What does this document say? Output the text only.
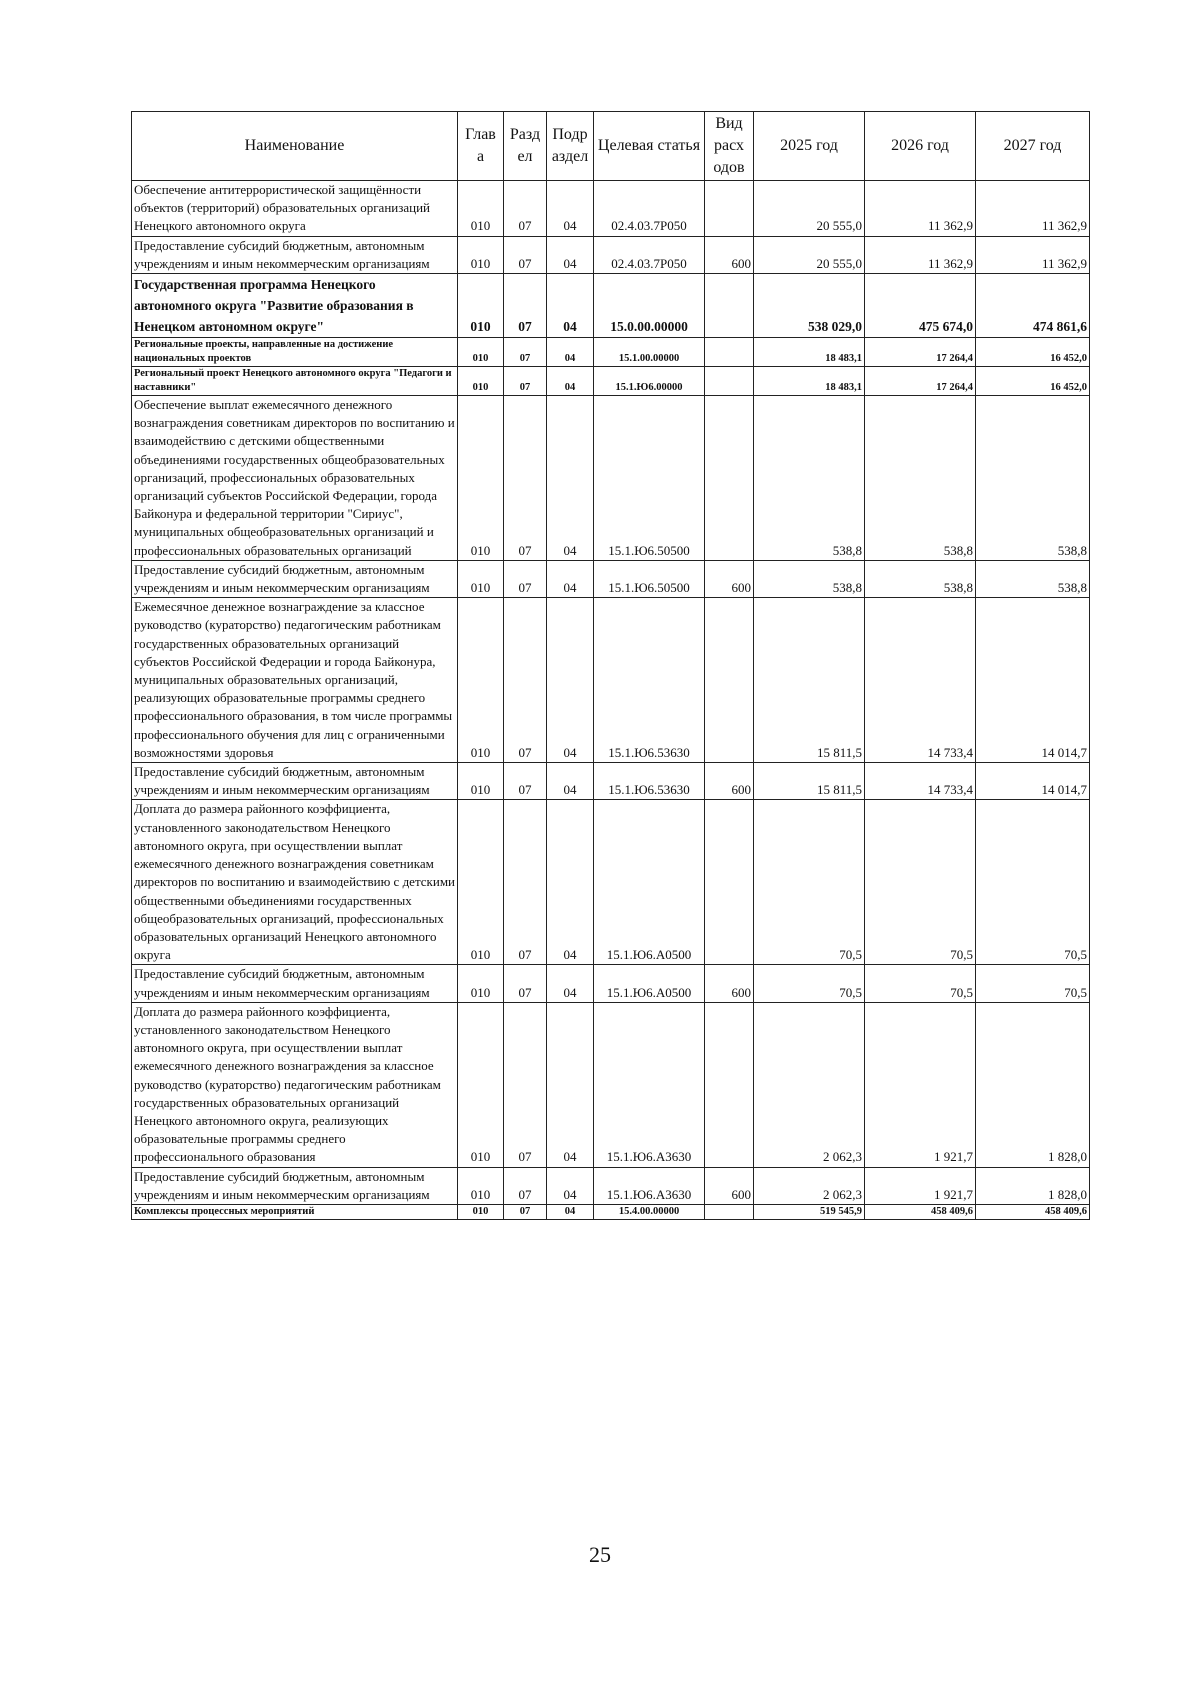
Наименование	Глав а	Разд ел	Подр аздел	Целевая статья	Вид расх одов	2025 год	2026 год	2027 год
Обеспечение антитеррористической защищённости объектов (территорий) образовательных организаций Ненецкого автономного округа	010	07	04	02.4.03.7Р050		20 555,0	11 362,9	11 362,9
Предоставление субсидий бюджетным, автономным учреждениям и иным некоммерческим организациям	010	07	04	02.4.03.7Р050	600	20 555,0	11 362,9	11 362,9
Государственная программа Ненецкого автономного округа "Развитие образования в Ненецком автономном округе"	010	07	04	15.0.00.00000		538 029,0	475 674,0	474 861,6
Региональные проекты, направленные на достижение национальных проектов	010	07	04	15.1.00.00000		18 483,1	17 264,4	16 452,0
Региональный проект Ненецкого автономного округа "Педагоги и наставники"	010	07	04	15.1.Ю6.00000		18 483,1	17 264,4	16 452,0
Обеспечение выплат ежемесячного денежного вознаграждения советникам директоров по воспитанию и взаимодействию с детскими общественными объединениями государственных общеобразовательных организаций, профессиональных образовательных организаций субъектов Российской Федерации, города Байконура и федеральной территории "Сириус", муниципальных общеобразовательных организаций и профессиональных образовательных организаций	010	07	04	15.1.Ю6.50500		538,8	538,8	538,8
Предоставление субсидий бюджетным, автономным учреждениям и иным некоммерческим организациям	010	07	04	15.1.Ю6.50500	600	538,8	538,8	538,8
Ежемесячное денежное вознаграждение за классное руководство (кураторство) педагогическим работникам государственных образовательных организаций субъектов Российской Федерации и города Байконура, муниципальных образовательных организаций, реализующих образовательные программы среднего профессионального образования, в том числе программы профессионального обучения для лиц с ограниченными возможностями здоровья	010	07	04	15.1.Ю6.53630		15 811,5	14 733,4	14 014,7
Предоставление субсидий бюджетным, автономным учреждениям и иным некоммерческим организациям	010	07	04	15.1.Ю6.53630	600	15 811,5	14 733,4	14 014,7
Доплата до размера районного коэффициента, установленного законодательством Ненецкого автономного округа, при осуществлении выплат ежемесячного денежного вознаграждения советникам директоров по воспитанию и взаимодействию с детскими общественными объединениями государственных общеобразовательных организаций, профессиональных образовательных организаций Ненецкого автономного округа	010	07	04	15.1.Ю6.А0500		70,5	70,5	70,5
Предоставление субсидий бюджетным, автономным учреждениям и иным некоммерческим организациям	010	07	04	15.1.Ю6.А0500	600	70,5	70,5	70,5
Доплата до размера районного коэффициента, установленного законодательством Ненецкого автономного округа, при осуществлении выплат ежемесячного денежного вознаграждения за классное руководство (кураторство) педагогическим работникам государственных образовательных организаций Ненецкого автономного округа, реализующих образовательные программы среднего профессионального образования	010	07	04	15.1.Ю6.А3630		2 062,3	1 921,7	1 828,0
Предоставление субсидий бюджетным, автономным учреждениям и иным некоммерческим организациям	010	07	04	15.1.Ю6.А3630	600	2 062,3	1 921,7	1 828,0
Комплексы процессных мероприятий	010	07	04	15.4.00.00000		519 545,9	458 409,6	458 409,6
25
